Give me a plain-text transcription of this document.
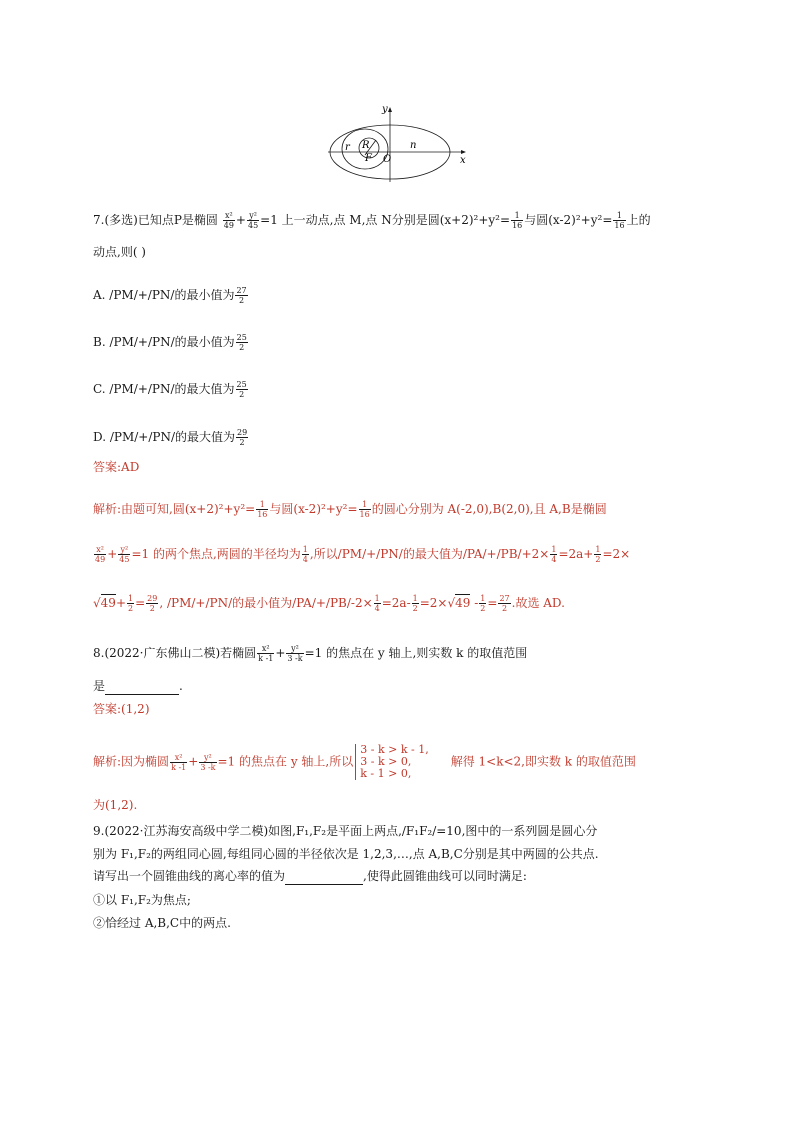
y
x
r R
F O
n
7.(多选)已知点P是椭圆 $\frac{\text{x²}}{49} + \frac{\text{y²}}{45} =1$ 上一动点,点 M,点 N分别是圆$(x+2)^2+y^2= \frac{1}{16}$ 与圆$(x-2)^2+y^2= \frac{1}{16}$ 上的
动点,则( )
A. /PM/+/PN/的最小值为 $\frac{27}{2}$
B. /PM/+/PN/的最小值为 $\frac{25}{2}$
C. /PM/+/PN/的最大值为 $\frac{25}{2}$
D. /PM/+/PN/的最大值为 $\frac{29}{2}$
答案:AD
解析:由题可知,圆$(x+2)^2+y^2= \frac{1}{16}$ 与圆$(x-2)^2+y^2= \frac{1}{16}$ 的圆心分别为 A(-2,0),B(2,0),且 A,B是椭圆
$\frac{\text{x²}}{49} + \frac{\text{y²}}{45} =1$ 的两个焦点,两圆的半径均为 $\frac{1}{4}$ ,所以/PM/+/PN/的最大值为$/PA/+/PB/+2\times \frac{1}{4} =2a+ \frac{1}{2} =2\times$
$√49+ \frac{1}{2} = \frac{29}{2}$ , /PM/+/PN/的最小值为$/PA/+/PB/-2\times \frac{1}{4} =2a- \frac{1}{2} =2\times√49 - \frac{1}{2} = \frac{27}{2}$ .故选 AD.
8.(2022·广东佛山二模)若椭圆 $\frac{\text{x²}}{k -1} + \frac{\text{y²}}{3 -k} =1$ 的焦点在 y 轴上,则实数 k 的取值范围
是	.
答案:(1,2)
解析:因为椭圆 $\frac{\text{x²}}{k -1} + \frac{\text{y²}}{3 -k} =1$ 的焦点在 y 轴上,所以
3 - k > k - 1,
3 - k > 0,
k - 1 > 0,
解得 1<k<2,即实数 k 的取值范围
为(1,2).
9.(2022·江苏海安高级中学二模)如图,F₁,F₂是平面上两点,/F₁F₂/=10,图中的一系列圆是圆心分
别为 F₁,F₂的两组同心圆,每组同心圆的半径依次是 1,2,3,…,点 A,B,C分别是其中两圆的公共点.
请写出一个圆锥曲线的离心率的值为	,使得此圆锥曲线可以同时满足:
①以 F₁,F₂为焦点;
②恰经过 A,B,C中的两点.
